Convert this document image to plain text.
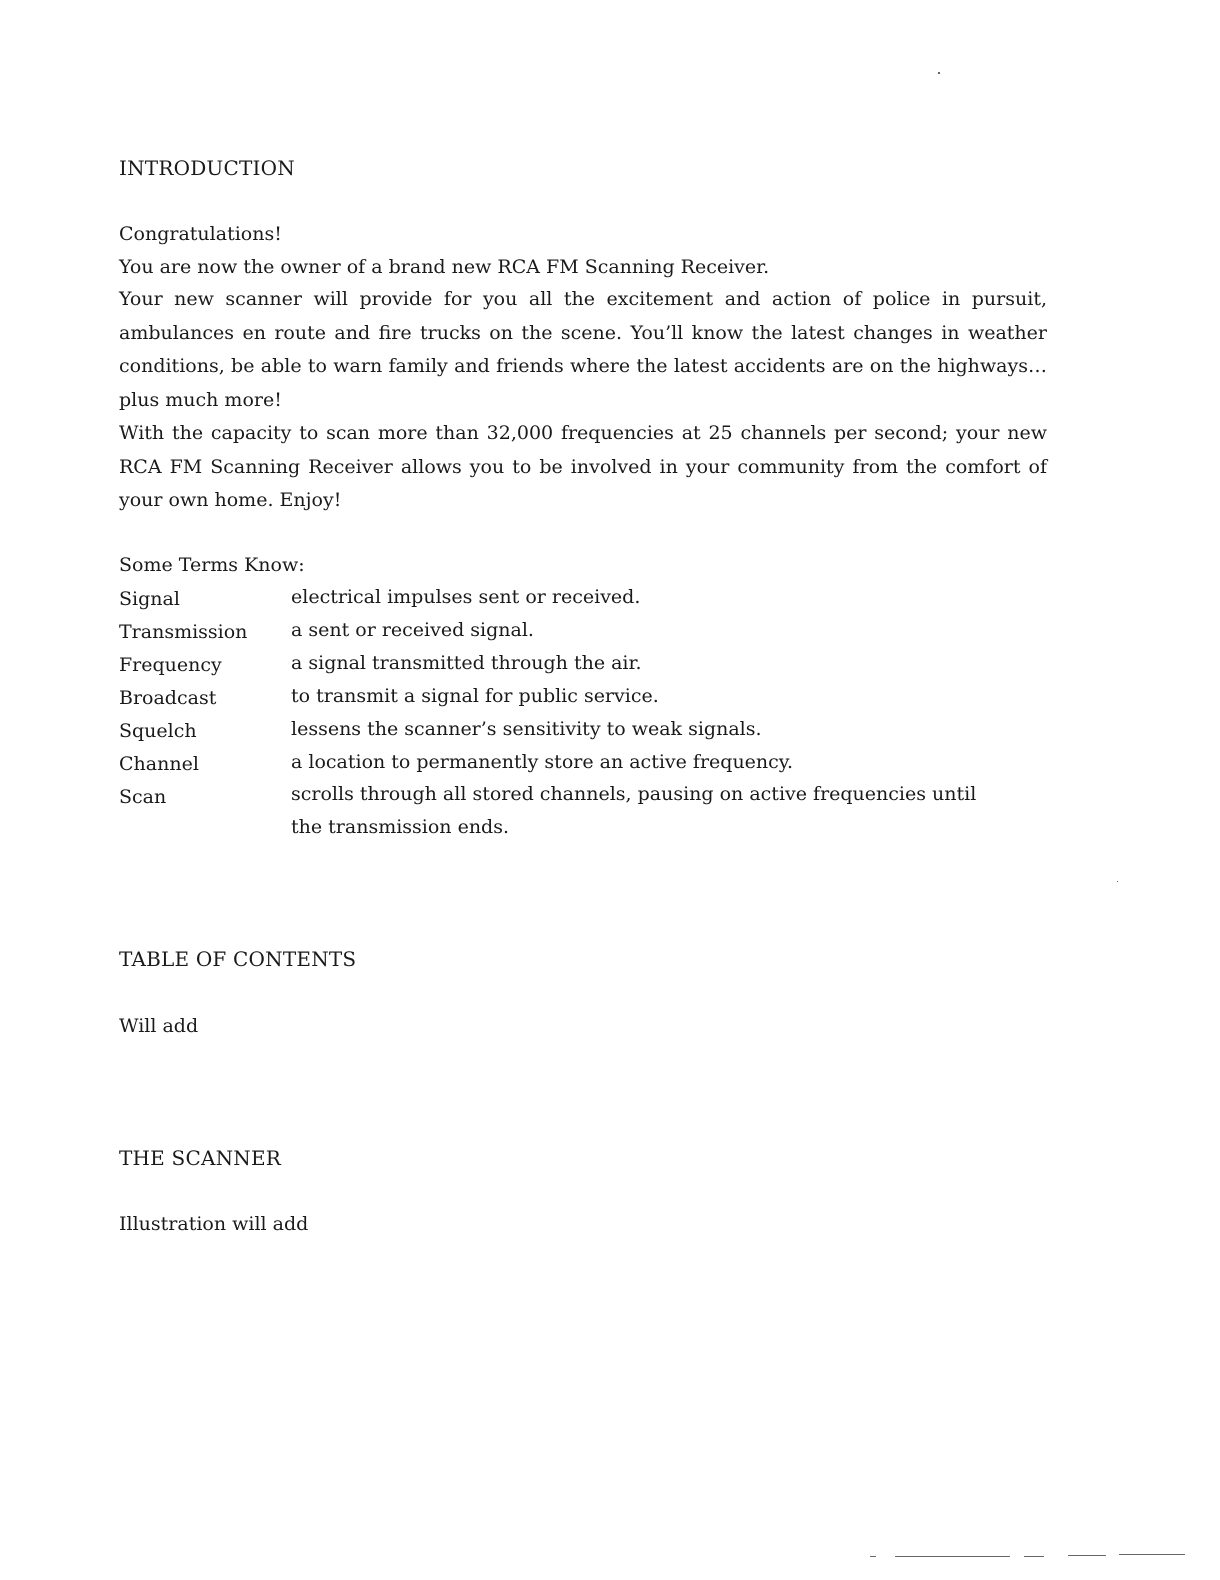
INTRODUCTION

Congratulations!

You are now the owner of a brand new RCA FM Scanning Receiver.

Your new scanner will provide for you all the excitement and action of police in pursuit, ambulances en route and fire trucks on the scene. You’ll know the latest changes in weather conditions, be able to warn family and friends where the latest accidents are on the highways…plus much more!

With the capacity to scan more than 32,000 frequencies at 25 channels per second; your new RCA FM Scanning Receiver allows you to be involved in your community from the comfort of your own home. Enjoy!

Some Terms Know:

Signal	electrical impulses sent or received.
Transmission a sent or received signal.
Frequency	a signal transmitted through the air.
Broadcast	to transmit a signal for public service.
Squelch	lessens the scanner’s sensitivity to weak signals.
Channel	a location to permanently store an active frequency.
Scan	scrolls through all stored channels, pausing on active frequencies until the transmission ends.
TABLE OF CONTENTS

Will add

THE SCANNER

Illustration will add
